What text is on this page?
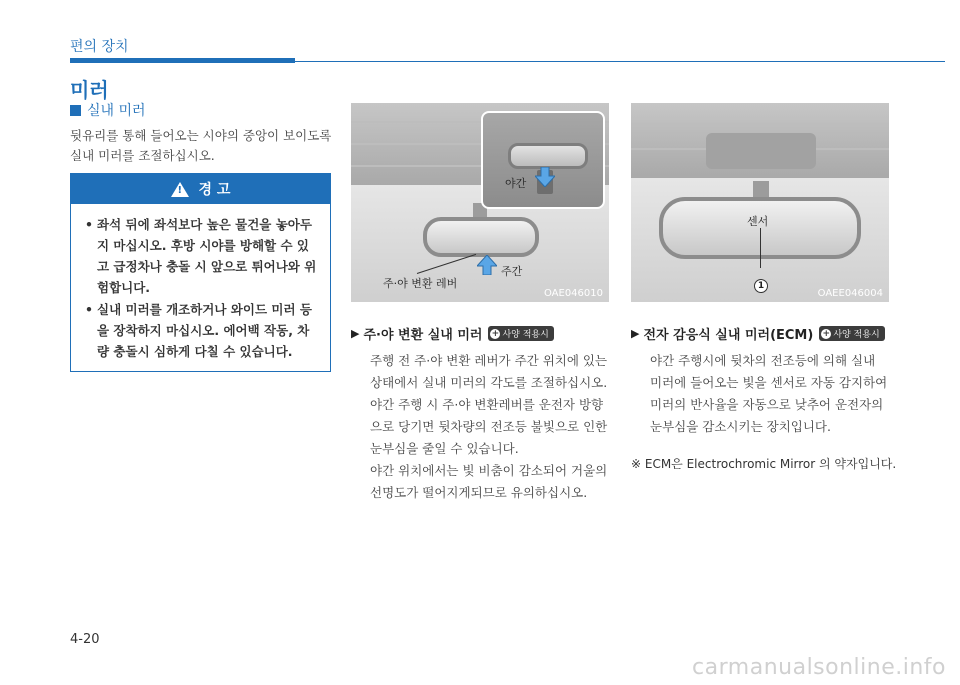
편의 장치
미러
실내 미러
뒷유리를 통해 들어오는 시야의 중앙이 보이도록 실내 미러를 조절하십시오.
! 경 고
• 좌석 뒤에 좌석보다 높은 물건을 놓아두지 마십시오. 후방 시야를 방해할 수 있고 급정차나 충돌 시 앞으로 튀어나와 위험합니다.
• 실내 미러를 개조하거나 와이드 미러 등을 장착하지 마십시오. 에어백 작동, 차량 충돌시 심하게 다칠 수 있습니다.
야간
주간
주·야 변환 레버
OAE046010
센서
1
OAEE046004
▶ 주·야 변환 실내 미러 + 사양 적용시

주행 전 주·야 변환 레버가 주간 위치에 있는 상태에서 실내 미러의 각도를 조절하십시오.

야간 주행 시 주·야 변환레버를 운전자 방향으로 당기면 뒷차량의 전조등 불빛으로 인한 눈부심을 줄일 수 있습니다.

야간 위치에서는 빛 비춤이 감소되어 거울의 선명도가 떨어지게되므로 유의하십시오.

▶ 전자 감응식 실내 미러(ECM) + 사양 적용시
야간 주행시에 뒷차의 전조등에 의해 실내 미러에 들어오는 빛을 센서로 자동 감지하여 미러의 반사율을 자동으로 낮추어 운전자의 눈부심을 감소시키는 장치입니다.
※ ECM은 Electrochromic Mirror 의 약자입니다.
4-20
carmanualsonline.info
